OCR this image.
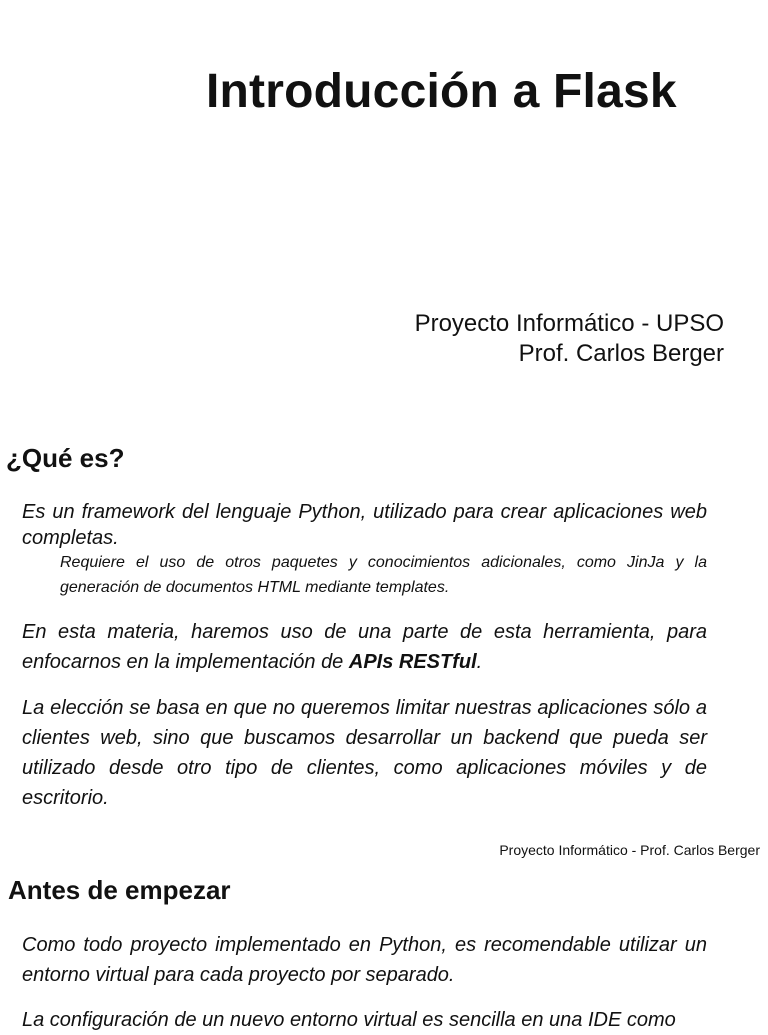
Introducción a Flask
Proyecto Informático - UPSO
Prof. Carlos Berger
¿Qué es?

Es un framework del lenguaje Python, utilizado para crear aplicaciones web completas.

Requiere el uso de otros paquetes y conocimientos adicionales, como JinJa y la generación de documentos HTML mediante templates.

En esta materia, haremos uso de una parte de esta herramienta, para enfocarnos en la implementación de APIs RESTful.

La elección se basa en que no queremos limitar nuestras aplicaciones sólo a clientes web, sino que buscamos desarrollar un backend que pueda ser utilizado desde otro tipo de clientes, como aplicaciones móviles y de escritorio.

Proyecto Informático - Prof. Carlos Berger
Antes de empezar

Como todo proyecto implementado en Python, es recomendable utilizar un entorno virtual para cada proyecto por separado.

La configuración de un nuevo entorno virtual es sencilla en una IDE como
